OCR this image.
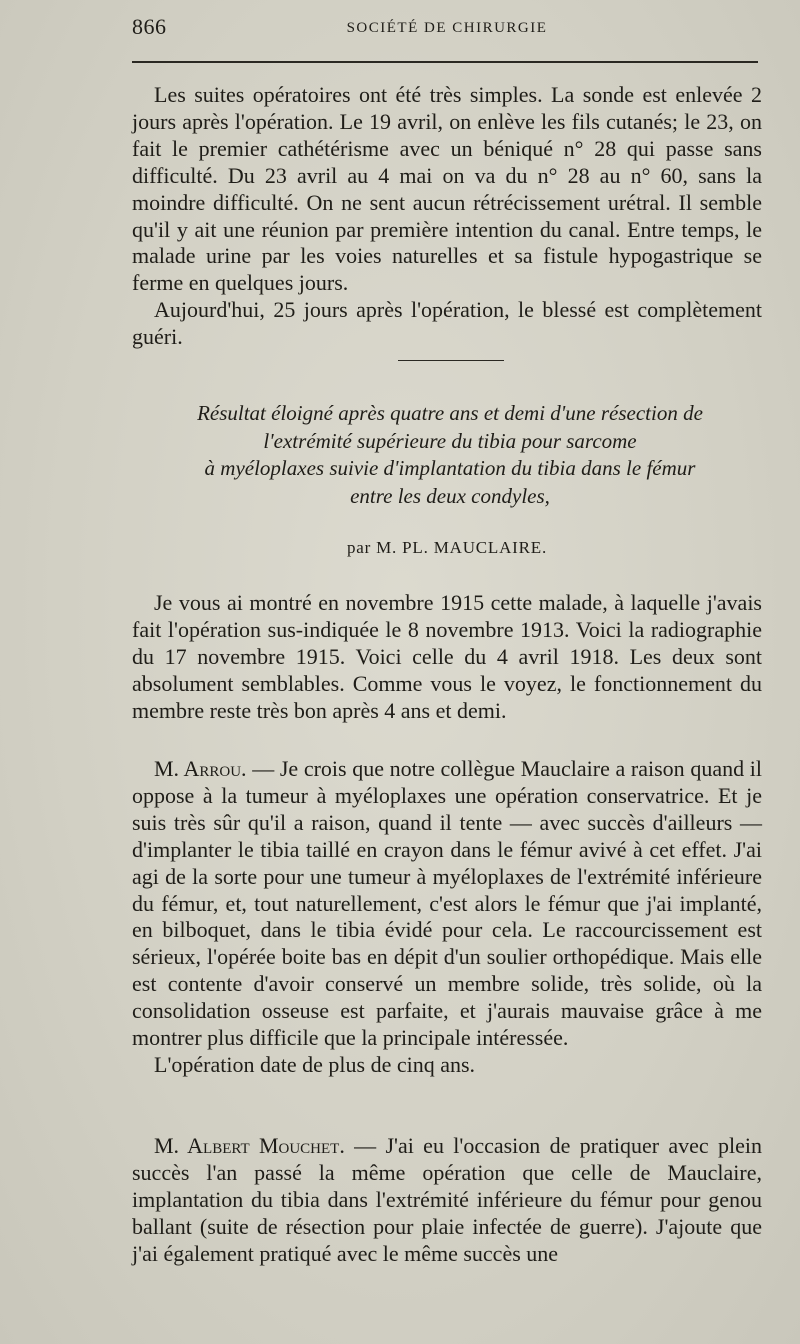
866	SOCIÉTÉ DE CHIRURGIE

Les suites opératoires ont été très simples. La sonde est enlevée 2 jours après l'opération. Le 19 avril, on enlève les fils cutanés; le 23, on fait le premier cathétérisme avec un béniqué n° 28 qui passe sans difficulté. Du 23 avril au 4 mai on va du n° 28 au n° 60, sans la moindre difficulté. On ne sent aucun rétrécissement urétral. Il semble qu'il y ait une réunion par première intention du canal. Entre temps, le malade urine par les voies naturelles et sa fistule hypogastrique se ferme en quelques jours.

Aujourd'hui, 25 jours après l'opération, le blessé est complètement guéri.

Résultat éloigné après quatre ans et demi d'une résection de
l'extrémité supérieure du tibia pour sarcome
à myéloplaxes suivie d'implantation du tibia dans le fémur
entre les deux condyles,
par M. PL. MAUCLAIRE.

Je vous ai montré en novembre 1915 cette malade, à laquelle j'avais fait l'opération sus-indiquée le 8 novembre 1913. Voici la radiographie du 17 novembre 1915. Voici celle du 4 avril 1918. Les deux sont absolument semblables. Comme vous le voyez, le fonctionnement du membre reste très bon après 4 ans et demi.

M. Arrou. — Je crois que notre collègue Mauclaire a raison quand il oppose à la tumeur à myéloplaxes une opération conservatrice. Et je suis très sûr qu'il a raison, quand il tente — avec succès d'ailleurs — d'implanter le tibia taillé en crayon dans le fémur avivé à cet effet. J'ai agi de la sorte pour une tumeur à myéloplaxes de l'extrémité inférieure du fémur, et, tout naturellement, c'est alors le fémur que j'ai implanté, en bilboquet, dans le tibia évidé pour cela. Le raccourcissement est sérieux, l'opérée boite bas en dépit d'un soulier orthopédique. Mais elle est contente d'avoir conservé un membre solide, très solide, où la consolidation osseuse est parfaite, et j'aurais mauvaise grâce à me montrer plus difficile que la principale intéressée.

L'opération date de plus de cinq ans.

M. Albert Mouchet. — J'ai eu l'occasion de pratiquer avec plein succès l'an passé la même opération que celle de Mauclaire, implantation du tibia dans l'extrémité inférieure du fémur pour genou ballant (suite de résection pour plaie infectée de guerre). J'ajoute que j'ai également pratiqué avec le même succès une
